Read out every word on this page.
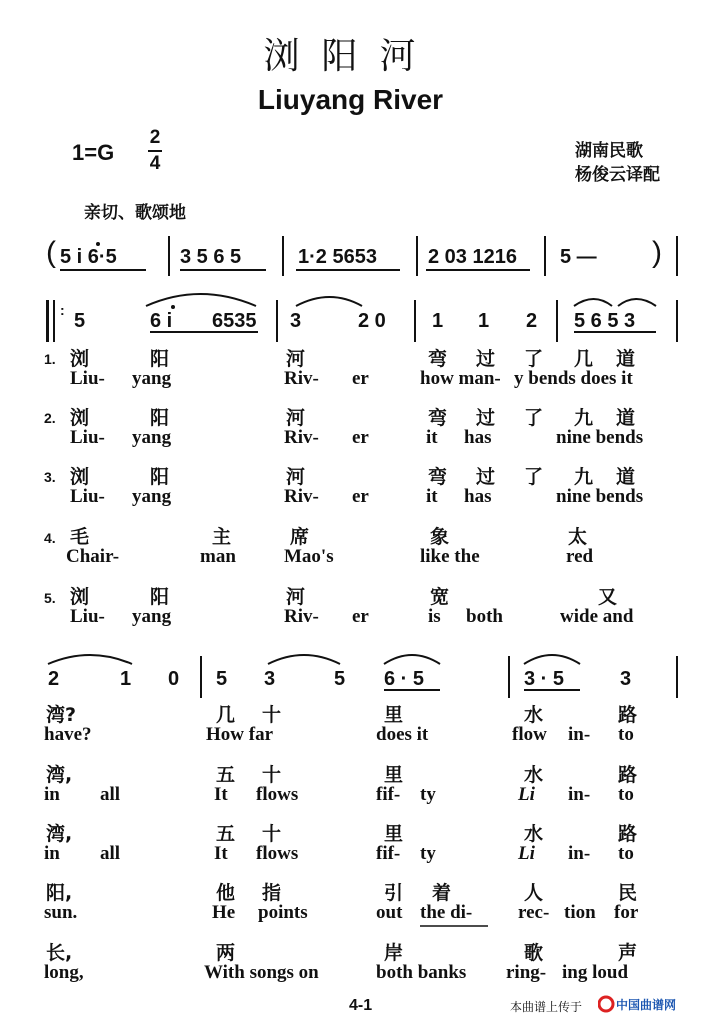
浏阳河
Liuyang River
1=G
2
4
湖南民歌
杨俊云译配
亲切、歌颂地
( 5 i 6·5	3 5 6 5	1·2 5653	2 03 1216 5 — )
: 5	6 i 6535 3	2 0 1 1 2 5 6 5 3
2	1 0 5 3	5 6 · 5	3 · 5	3
1.
2.
3.
4.
5.
浏	阳	河	弯 过 了 几 道
Liu- yang	Riv- er	how man- y bends does it
浏	阳	河	弯 过 了 九 道
Liu- yang	Riv- er	it has	nine bends
浏	阳	河	弯 过 了 九 道
Liu- yang	Riv- er	it has	nine bends
毛	主	席	象	太
Chair-	man	Mao's	like the	red
浏	阳	河	宽	又
Liu- yang	Riv- er	is both	wide and
湾?	几 十	里	水	路
have?	How far	does it	flow in- to
湾,	五 十	里	水	路
in all	It flows	fif- ty	Li in- to
湾,	五 十	里	水	路
in all	It flows	fif- ty	Li in- to
阳,	他 指	引 着	人	民
sun.	He points	out the di- rec- tion for
长,	两	岸	歌	声
long,	With songs on	both banks ring- ing loud
4-1	本曲谱上传于	中国曲谱网
